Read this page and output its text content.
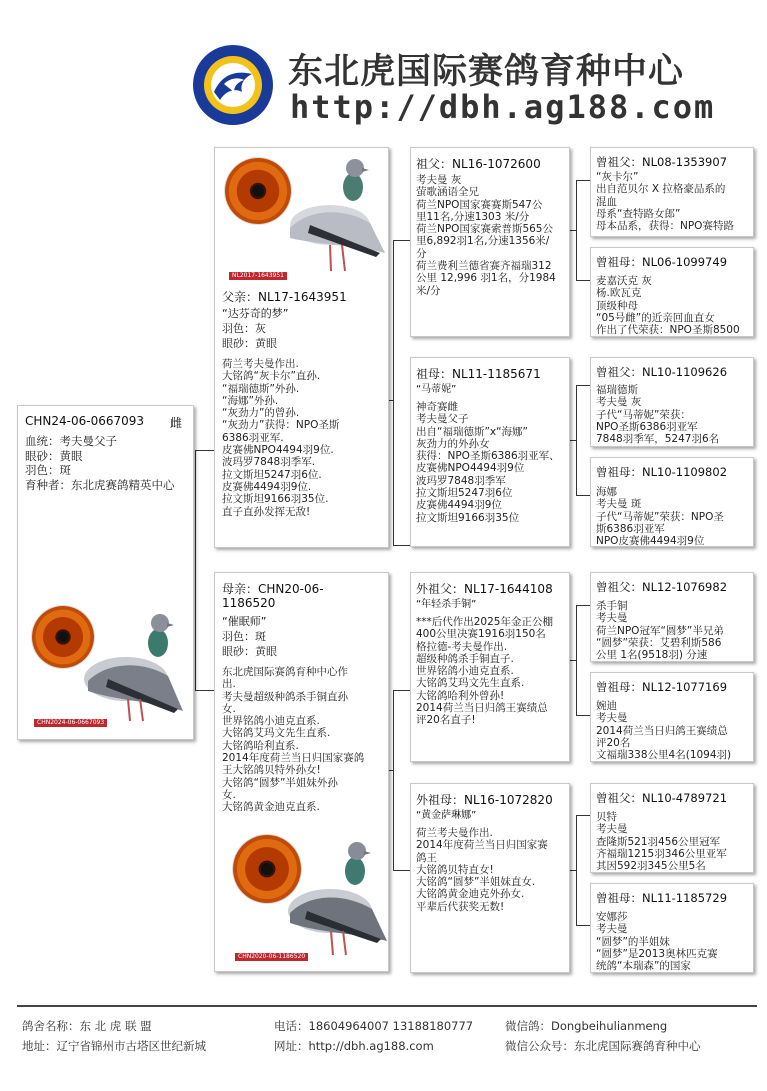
东北虎国际赛鸽育种中心
http://dbh.ag188.com
CHN24-06-0667093 雌
血统：考夫曼父子
眼砂：黄眼
羽色：斑
育种者：东北虎赛鸽精英中心
CHN2024-06-0667093
NL2017-1643951
父亲：NL17-1643951
“达芬奇的梦”
羽色：灰
眼砂：黄眼
荷兰考夫曼作出.
大铭鸽“灰卡尔”直孙.
“福瑞德斯”外孙.
“海娜”外孙.
“灰劲力”的曾孙.
“灰劲力”获得：NPO圣斯
6386羽亚军.
皮赛佛NPO4494羽9位.
波玛罗7848羽季军.
拉文斯坦5247羽6位.
皮赛佛4494羽9位.
拉文斯坦9166羽35位.
直子直孙发挥无敌!
母亲：CHN20-06-
1186520
“催眠师”
羽色：斑
眼砂：黄眼
东北虎国际赛鸽育种中心作
出.
考夫曼超级种鸽杀手铜直孙
女.
世界铭鸽小迪克直系.
大铭鸽艾玛文先生直系.
大铭鸽哈利直系.
2014年度荷兰当日归国家赛鸽
王大铭鸽贝特外孙女!
大铭鸽“圆梦”半姐妹外孙
女.
大铭鸽黄金迪克直系.
CHN2020-06-1186520
祖父：NL16-1072600
考夫曼 灰
萤歌涵语全兄
荷兰NPO国家赛赛斯547公
里11名,分速1303 米/分
荷兰NPO国家赛索普斯565公
里6,892羽1名,分速1356米/
分
荷兰费利兰德省赛齐福瑞312
公里 12,996 羽1名，分1984
米/分
祖母：NL11-1185671
“马蒂妮”
神奇赛雌
考夫曼父子
出自“福瑞德斯”x“海娜”
灰劲力的外孙女
获得：NPO圣斯6386羽亚军、
皮赛佛NPO4494羽9位
波玛罗7848羽季军
拉文斯坦5247羽6位
皮赛佛4494羽9位
拉文斯坦9166羽35位
外祖父：NL17-1644108
“年轻杀手铜”
***后代作出2025年金正公棚
400公里决赛1916羽150名
格拉德-考夫曼作出.
超级种鸽杀手铜直子.
世界铭鸽小迪克直系.
大铭鸽艾玛文先生直系.
大铭鸽哈利外曾孙!
2014荷兰当日归鸽王赛绩总
评20名直子!
外祖母：NL16-1072820
“黄金萨琳娜”
荷兰考夫曼作出.
2014年度荷兰当日归国家赛
鸽王
大铭鸽贝特直女!
大铭鸽“圆梦”半姐妹直女.
大铭鸽黄金迪克外孙女.
平辈后代获奖无数!
曾祖父：NL08-1353907
“灰卡尔”
出自范贝尔 X 拉格豪品系的
混血
母系“查特路女郎”
母本品系，获得：NPO赛特路
曾祖母：NL06-1099749
麦嘉沃克 灰
杨.欧瓦克
顶级种母
“05号雌”的近亲回血直女
作出了代荣获：NPO圣斯8500
曾祖父：NL10-1109626
福瑞德斯
考夫曼 灰
子代“马蒂妮”荣获：
NPO圣斯6386羽亚军
7848羽季军，5247羽6名
曾祖母：NL10-1109802
海娜
考夫曼 斑
子代“马蒂妮”荣获：NPO圣
斯6386羽亚军
NPO皮赛佛4494羽9位
曾祖父：NL12-1076982
杀手铜
考夫曼
荷兰NPO冠军“圆梦”半兄弟
“圆梦”荣获：艾碧利斯586
公里 1名(9518羽) 分速
曾祖母：NL12-1077169
婉迪
考夫曼
2014荷兰当日归鸽王赛绩总
评20名
文福瑞338公里4名(1094羽)
曾祖父：NL10-4789721
贝特
考夫曼
查隆斯521羽456公里冠军
齐福瑞1215羽346公里亚军
其因592羽345公里5名
曾祖母：NL11-1185729
安娜莎
考夫曼
“圆梦”的半姐妹
“圆梦”是2013奥林匹克赛
统鸽“本瑞森”的国家
鸽舍名称：东 北 虎 联 盟	电话：18604964007 13188180777	微信鸽：Dongbeihulianmeng
地址：辽宁省锦州市古塔区世纪新城	网址：http://dbh.ag188.com	微信公众号：东北虎国际赛鸽育种中心
